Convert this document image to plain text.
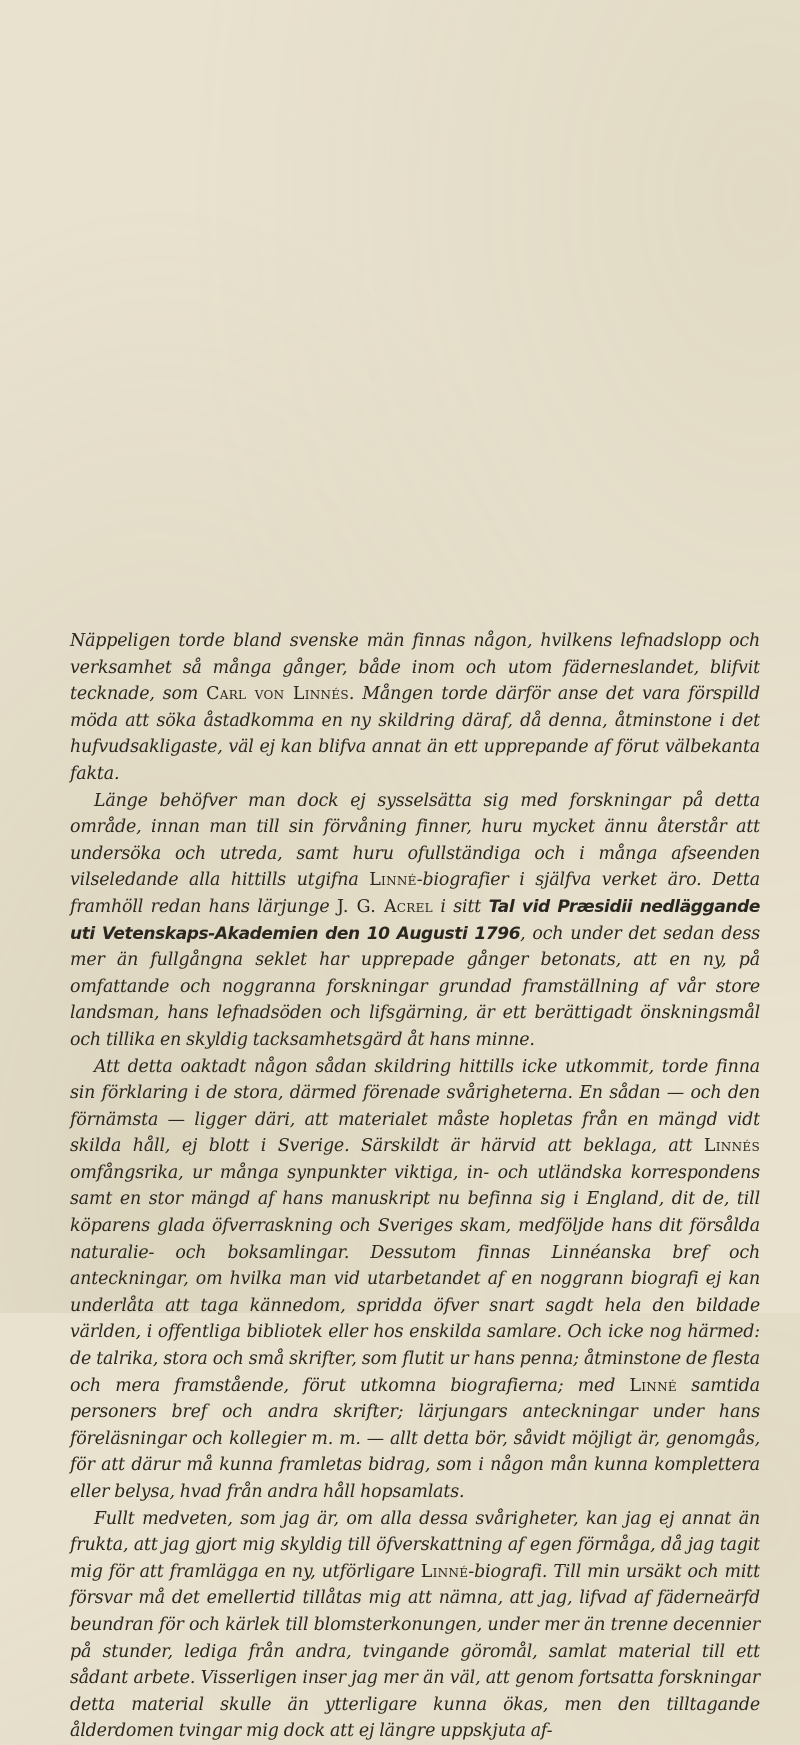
Näppeligen torde bland svenske män finnas någon, hvilkens lefnadslopp och verksamhet så många gånger, både inom och utom fäderneslandet, blifvit tecknade, som Carl von Linnés. Mången torde därför anse det vara förspilld möda att söka åstadkomma en ny skildring däraf, då denna, åtminstone i det hufvudsakligaste, väl ej kan blifva annat än ett upprepande af förut välbekanta fakta.

Länge behöfver man dock ej sysselsätta sig med forskningar på detta område, innan man till sin förvåning finner, huru mycket ännu återstår att undersöka och utreda, samt huru ofullständiga och i många afseenden vilseledande alla hittills utgifna Linné-biografier i själfva verket äro. Detta framhöll redan hans lärjunge J. G. Acrel i sitt Tal vid Præsidii nedläggande uti Vetenskaps-Akademien den 10 Augusti 1796, och under det sedan dess mer än fullgångna seklet har upprepade gånger betonats, att en ny, på omfattande och noggranna forskningar grundad framställning af vår store landsman, hans lefnadsöden och lifsgärning, är ett berättigadt önskningsmål och tillika en skyldig tacksamhetsgärd åt hans minne.

Att detta oaktadt någon sådan skildring hittills icke utkommit, torde finna sin förklaring i de stora, därmed förenade svårigheterna. En sådan — och den förnämsta — ligger däri, att materialet måste hopletas från en mängd vidt skilda håll, ej blott i Sverige. Särskildt är härvid att beklaga, att Linnés omfångsrika, ur många synpunkter viktiga, in- och utländska korrespondens samt en stor mängd af hans manuskript nu befinna sig i England, dit de, till köparens glada öfverraskning och Sveriges skam, medföljde hans dit försålda naturalie- och boksamlingar. Dessutom finnas Linnéanska bref och anteckningar, om hvilka man vid utarbetandet af en noggrann biografi ej kan underlåta att taga kännedom, spridda öfver snart sagdt hela den bildade världen, i offentliga bibliotek eller hos enskilda samlare. Och icke nog härmed: de talrika, stora och små skrifter, som flutit ur hans penna; åtminstone de flesta och mera framstående, förut utkomna biografierna; med Linné samtida personers bref och andra skrifter; lärjungars anteckningar under hans föreläsningar och kollegier m. m. — allt detta bör, såvidt möjligt är, genomgås, för att därur må kunna framletas bidrag, som i någon mån kunna komplettera eller belysa, hvad från andra håll hopsamlats.

Fullt medveten, som jag är, om alla dessa svårigheter, kan jag ej annat än frukta, att jag gjort mig skyldig till öfverskattning af egen förmåga, då jag tagit mig för att framlägga en ny, utförligare Linné-biografi. Till min ursäkt och mitt försvar må det emellertid tillåtas mig att nämna, att jag, lifvad af fädernеärfd beundran för och kärlek till blomsterkonungen, under mer än trenne decennier på stunder, lediga från andra, tvingande göromål, samlat material till ett sådant arbete. Visserligen inser jag mer än väl, att genom fortsatta forskningar detta material skulle än ytterligare kunna ökas, men den tilltagande ålderdomen tvingar mig dock att ej längre uppskjuta af-
